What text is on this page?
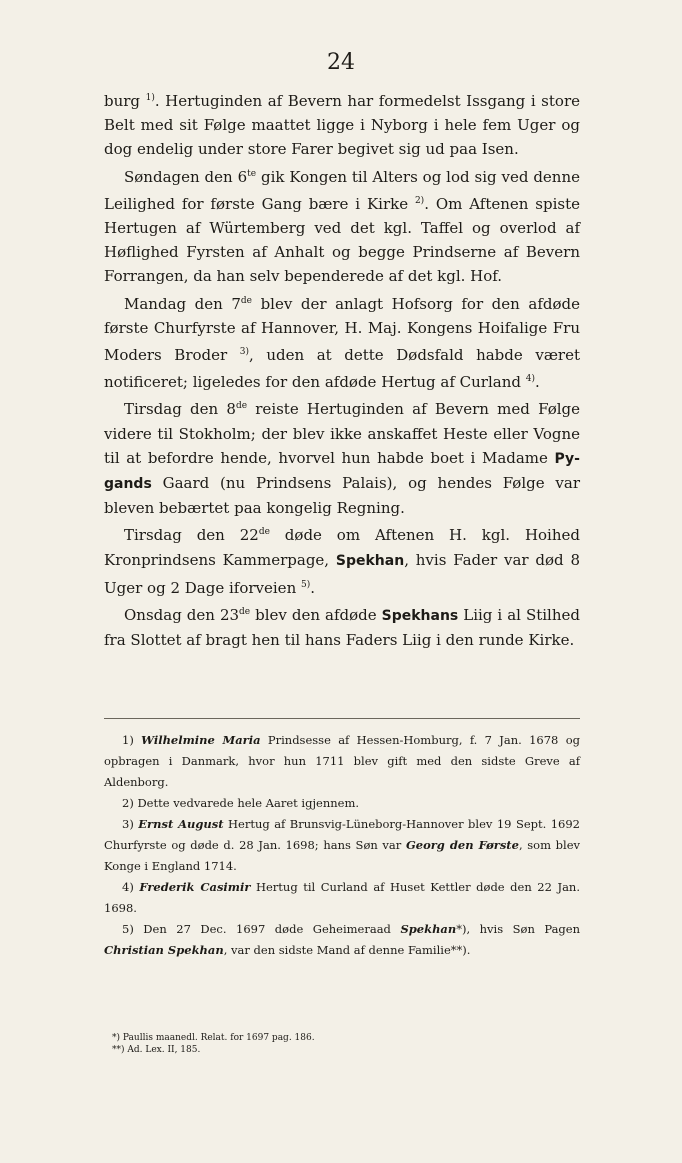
24

burg $^{1)}$. Hertuginden af Bevern har formedelst Issgang i store Belt med sit Følge maattet ligge i Nyborg i hele fem Uger og dog endelig under store Farer begivet sig ud paa Isen.

Søndagen den 6$^{te}$ gik Kongen til Alters og lod sig ved denne Leilighed for første Gang bære i Kirke $^{2)}$. Om Aftenen spiste Hertugen af Würtemberg ved det kgl. Taffel og overlod af Høflighed Fyrsten af Anhalt og begge Prindserne af Bevern Forrangen, da han selv bependerede af det kgl. Hof.

Mandag den 7de blev der anlagt Hofsorg for den afdøde første Churfyrste af Hannover, H. Maj. Kongens Hoifalige Fru Moders Broder $^{3)}$, uden at dette Dødsfald habde været notificeret; ligeledes for den afdøde Hertug af Curland $^{4)}$.

Tirsdag den 8de reiste Hertuginden af Bevern med Følge videre til Stokholm; der blev ikke anskaffet Heste eller Vogne til at befordre hende, hvorvel hun habde boet i Madame Py-gands Gaard (nu Prindsens Palais), og hendes Følge var bleven bebærtet paa kongelig Regning.

Tirsdag den 22de døde om Aftenen H. kgl. Hoihed Kronprindsens Kammerpage, Spekhan, hvis Fader var død 8 Uger og 2 Dage iforveien $^{5)}$.

Onsdag den 23de blev den afdøde Spekhans Liig i al Stilhed fra Slottet af bragt hen til hans Faders Liig i den runde Kirke.

1) Wilhelmine Maria Prindsesse af Hessen-Homburg, f. 7 Jan. 1678 og opbragen i Danmark, hvor hun 1711 blev gift med den sidste Greve af Aldenborg.

2) Dette vedvarede hele Aaret igjennem.

3) Ernst August Hertug af Brunsvig-Lüneborg-Hannover blev 19 Sept. 1692 Churfyrste og døde d. 28 Jan. 1698; hans Søn var Georg den Første, som blev Konge i England 1714.

4) Frederik Casimir Hertug til Curland af Huset Kettler døde den 22 Jan. 1698.

5) Den 27 Dec. 1697 døde Geheimeraad Spekhan*), hvis Søn Pagen Christian Spekhan, var den sidste Mand af denne Familie**).

*) Paullis maanedl. Relat. for 1697 pag. 186.

**) Ad. Lex. II, 185.
